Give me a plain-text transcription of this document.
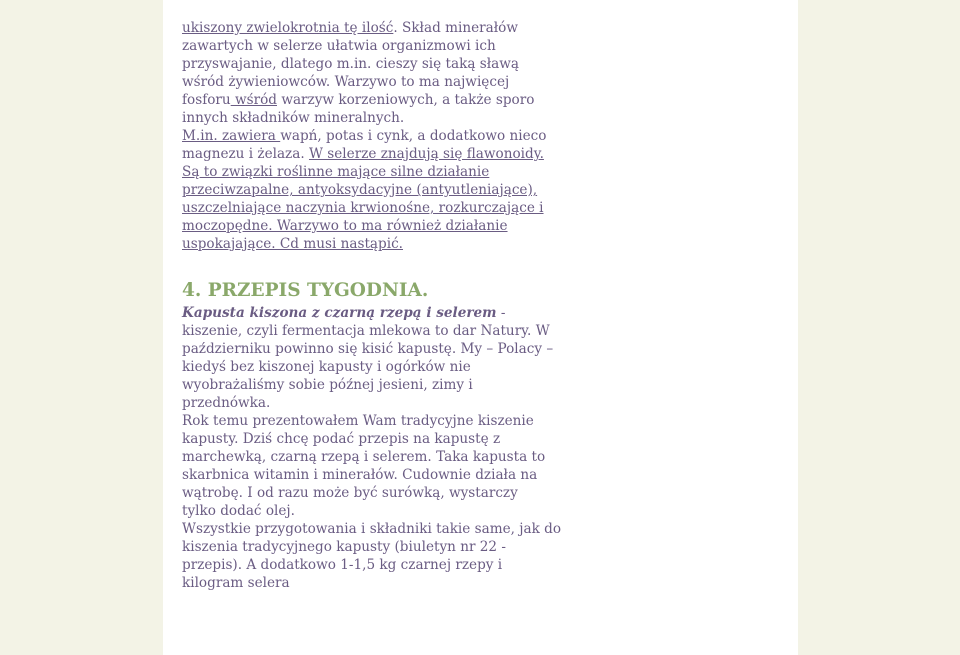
ukiszony zwielokrotnia tę ilość. Skład minerałów zawartych w selerze ułatwia organizmowi ich przyswajanie, dlatego m.in. cieszy się taką sławą wśród żywieniowców. Warzywo to ma najwięcej fosforu wśród warzyw korzeniowych, a także sporo innych składników mineralnych.

M.in. zawiera wapń, potas i cynk, a dodatkowo nieco magnezu i żelaza. W selerze znajdują się flawonoidy. Są to związki roślinne mające silne działanie przeciwzapalne, antyoksydacyjne (antyutleniające), uszczelniające naczynia krwionośne, rozkurczające i moczopędne. Warzywo to ma również działanie uspokajające. Cd musi nastąpić.

4. PRZEPIS TYGODNIA.

Kapusta kiszona z czarną rzepą i selerem -
kiszenie, czyli fermentacja mlekowa to dar Natury. W październiku powinno się kisić kapustę. My – Polacy – kiedyś bez kiszonej kapusty i ogórków nie wyobrażaliśmy sobie późnej jesieni, zimy i przednówka.

Rok temu prezentowałem Wam tradycyjne kiszenie kapusty. Dziś chcę podać przepis na kapustę z marchewką, czarną rzepą i selerem. Taka kapusta to skarbnica witamin i minerałów. Cudownie działa na wątrobę. I od razu może być surówką, wystarczy tylko dodać olej.

Wszystkie przygotowania i składniki takie same, jak do kiszenia tradycyjnego kapusty (biuletyn nr 22 - przepis). A dodatkowo 1-1,5 kg czarnej rzepy i kilogram selera
